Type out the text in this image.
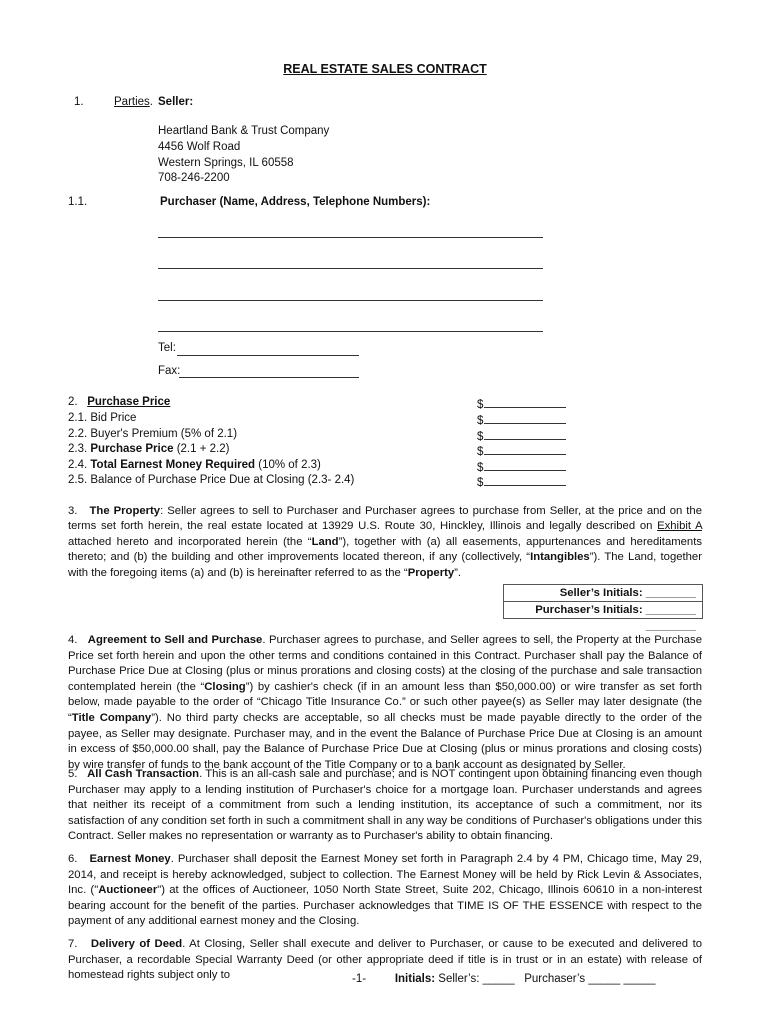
REAL ESTATE SALES CONTRACT
1.	Parties. Seller:
Heartland Bank & Trust Company
4456 Wolf Road
Western Springs, IL 60558
708-246-2200
1.1.	Purchaser (Name, Address, Telephone Numbers):
Tel:
Fax:
2. Purchase Price	$
2.1. Bid Price	$
2.2. Buyer's Premium (5% of 2.1)	$
2.3. Purchase Price (2.1 + 2.2)	$
2.4. Total Earnest Money Required (10% of 2.3)	$
2.5. Balance of Purchase Price Due at Closing (2.3- 2.4)	$

3. The Property: Seller agrees to sell to Purchaser and Purchaser agrees to purchase from Seller, at the price and on the terms set forth herein, the real estate located at 13929 U.S. Route 30, Hinckley, Illinois and legally described on Exhibit A attached hereto and incorporated herein (the “Land”), together with (a) all easements, appurtenances and hereditaments thereto; and (b) the building and other improvements located thereon, if any (collectively, “Intangibles”). The Land, together with the foregoing items (a) and (b) is hereinafter referred to as the “Property”.

Seller’s Initials: ________
Purchaser’s Initials: ________ ________

4. Agreement to Sell and Purchase. Purchaser agrees to purchase, and Seller agrees to sell, the Property at the Purchase Price set forth herein and upon the other terms and conditions contained in this Contract. Purchaser shall pay the Balance of Purchase Price Due at Closing (plus or minus prorations and closing costs) at the closing of the purchase and sale transaction contemplated herein (the “Closing”) by cashier's check (if in an amount less than $50,000.00) or wire transfer as set forth below, made payable to the order of “Chicago Title Insurance Co.” or such other payee(s) as Seller may later designate (the “Title Company”). No third party checks are acceptable, so all checks must be made payable directly to the order of the payee, as Seller may designate. Purchaser may, and in the event the Balance of Purchase Price Due at Closing is an amount in excess of $50,000.00 shall, pay the Balance of Purchase Price Due at Closing (plus or minus prorations and closing costs) by wire transfer of funds to the bank account of the Title Company or to a bank account as designated by Seller.

5. All Cash Transaction. This is an all-cash sale and purchase; and is NOT contingent upon obtaining financing even though Purchaser may apply to a lending institution of Purchaser's choice for a mortgage loan. Purchaser understands and agrees that neither its receipt of a commitment from such a lending institution, its acceptance of such a commitment, nor its satisfaction of any condition set forth in such a commitment shall in any way be conditions of Purchaser's obligations under this Contract. Seller makes no representation or warranty as to Purchaser's ability to obtain financing.

6. Earnest Money. Purchaser shall deposit the Earnest Money set forth in Paragraph 2.4 by 4 PM, Chicago time, May 29, 2014, and receipt is hereby acknowledged, subject to collection. The Earnest Money will be held by Rick Levin & Associates, Inc. ("Auctioneer") at the offices of Auctioneer, 1050 North State Street, Suite 202, Chicago, Illinois 60610 in a non-interest bearing account for the benefit of the parties. Purchaser acknowledges that TIME IS OF THE ESSENCE with respect to the payment of any additional earnest money and the Closing.

7. Delivery of Deed. At Closing, Seller shall execute and deliver to Purchaser, or cause to be executed and delivered to Purchaser, a recordable Special Warranty Deed (or other appropriate deed if title is in trust or in an estate) with release of homestead rights subject only to	-1-	Initials: Seller’s: _____ Purchaser’s _____ _____
